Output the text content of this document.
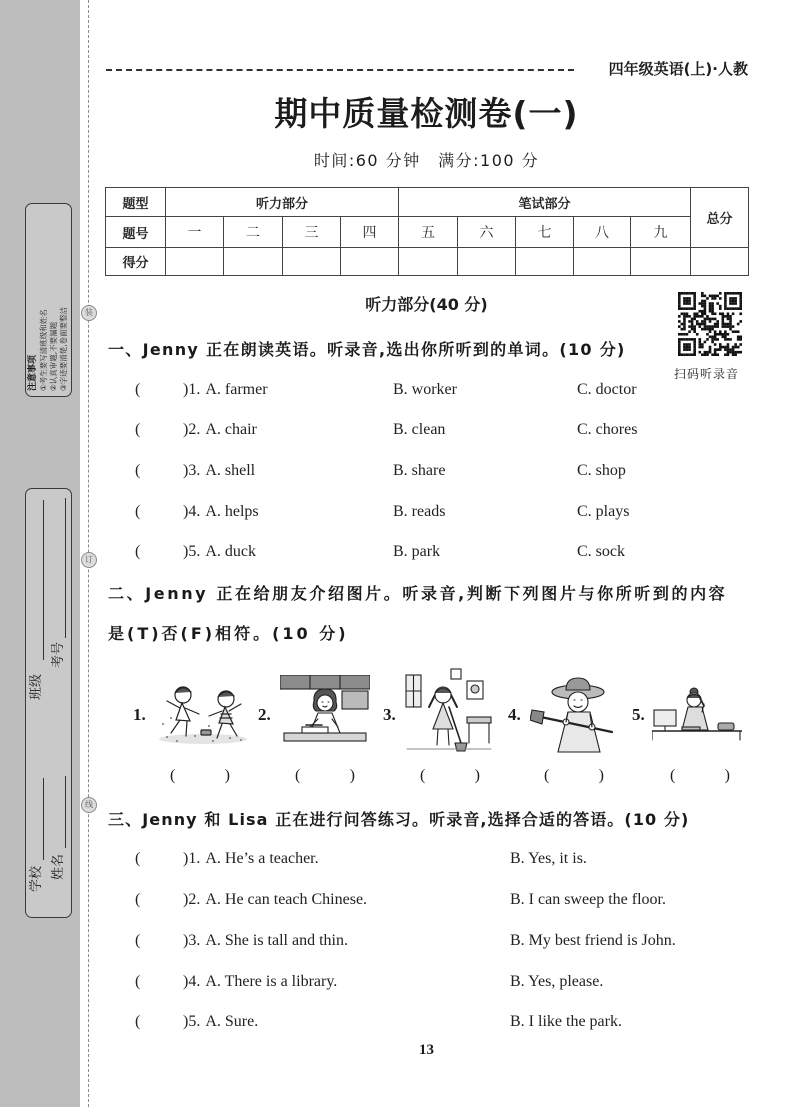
装
订
线
注意事项 ①考生要写清班级和姓名 ②认真审题,不要漏题 ③字迹要清楚,卷面要整洁
学校
班级
姓名
考号
四年级英语(上)·人教
期中质量检测卷(一)
时间:60 分钟　满分:100 分
题型	听力部分				笔试部分					总分
题号	一	二	三	四	五	六	七	八	九	
得分										
听力部分(40 分)
扫码听录音
一、Jenny 正在朗读英语。听录音,选出你所听到的单词。(10 分)
(	)1. A. farmer	B. worker	C. doctor
(	)2. A. chair	B. clean	C. chores
(	)3. A. shell	B. share	C. shop
(	)4. A. helps	B. reads	C. plays
(	)5. A. duck	B. park	C. sock
二、Jenny 正在给朋友介绍图片。听录音,判断下列图片与你所听到的内容
是(T)否(F)相符。(10 分)
1.	2.	3.	4.	5.
(	)	(	)	(	)	(	)	(	)
三、Jenny 和 Lisa 正在进行问答练习。听录音,选择合适的答语。(10 分)
(	)1. A. He’s a teacher.	B. Yes, it is.
(	)2. A. He can teach Chinese.	B. I can sweep the floor.
(	)3. A. She is tall and thin.	B. My best friend is John.
(	)4. A. There is a library.	B. Yes, please.
(	)5. A. Sure.	B. I like the park.
13
